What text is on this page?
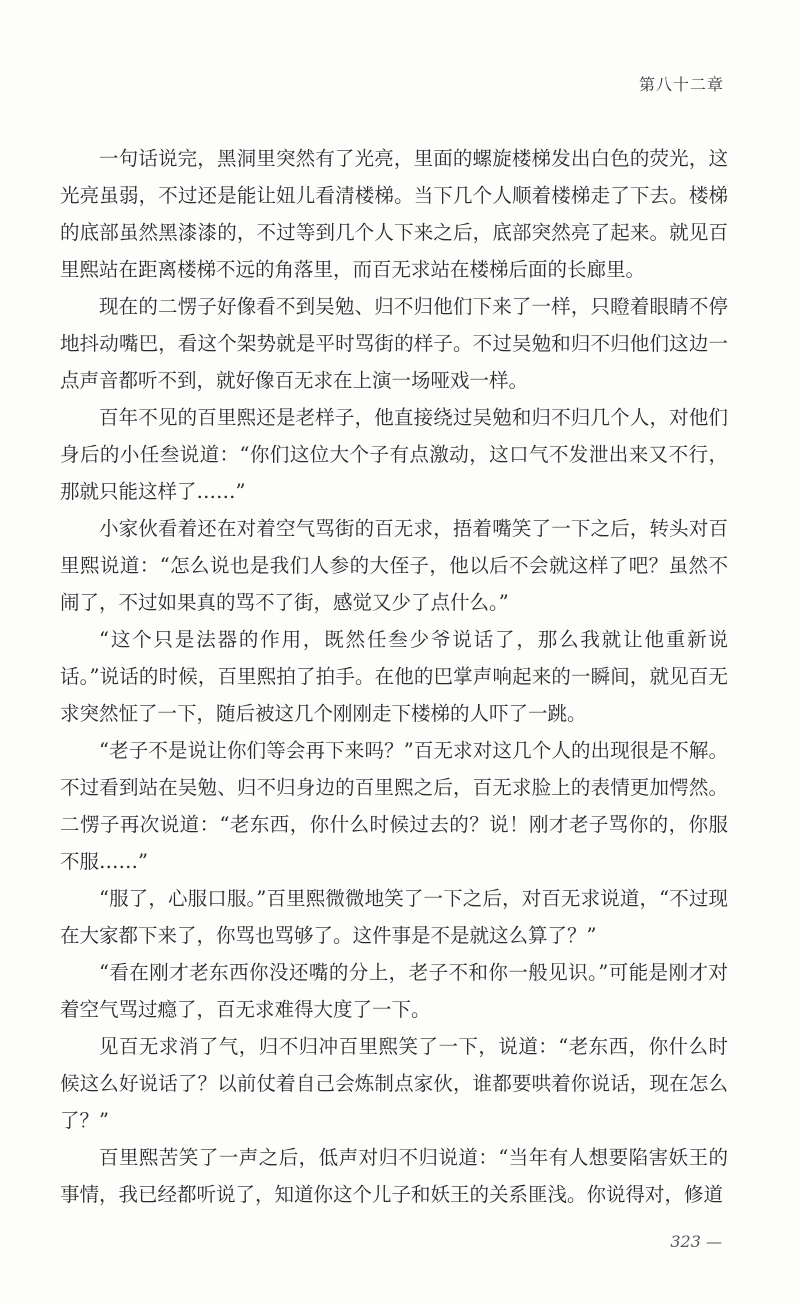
第八十二章

一句话说完，黑洞里突然有了光亮，里面的螺旋楼梯发出白色的荧光，这光亮虽弱，不过还是能让妞儿看清楼梯。当下几个人顺着楼梯走了下去。楼梯的底部虽然黑漆漆的，不过等到几个人下来之后，底部突然亮了起来。就见百里熙站在距离楼梯不远的角落里，而百无求站在楼梯后面的长廊里。

现在的二愣子好像看不到吴勉、归不归他们下来了一样，只瞪着眼睛不停地抖动嘴巴，看这个架势就是平时骂街的样子。不过吴勉和归不归他们这边一点声音都听不到，就好像百无求在上演一场哑戏一样。

百年不见的百里熙还是老样子，他直接绕过吴勉和归不归几个人，对他们身后的小任叁说道：“你们这位大个子有点激动，这口气不发泄出来又不行，那就只能这样了……”

小家伙看着还在对着空气骂街的百无求，捂着嘴笑了一下之后，转头对百里熙说道：“怎么说也是我们人参的大侄子，他以后不会就这样了吧？虽然不闹了，不过如果真的骂不了街，感觉又少了点什么。”

“这个只是法器的作用，既然任叁少爷说话了，那么我就让他重新说话。”说话的时候，百里熙拍了拍手。在他的巴掌声响起来的一瞬间，就见百无求突然怔了一下，随后被这几个刚刚走下楼梯的人吓了一跳。

“老子不是说让你们等会再下来吗？”百无求对这几个人的出现很是不解。不过看到站在吴勉、归不归身边的百里熙之后，百无求脸上的表情更加愕然。二愣子再次说道：“老东西，你什么时候过去的？说！刚才老子骂你的，你服不服……”

“服了，心服口服。”百里熙微微地笑了一下之后，对百无求说道，“不过现在大家都下来了，你骂也骂够了。这件事是不是就这么算了？”

“看在刚才老东西你没还嘴的分上，老子不和你一般见识。”可能是刚才对着空气骂过瘾了，百无求难得大度了一下。

见百无求消了气，归不归冲百里熙笑了一下，说道：“老东西，你什么时候这么好说话了？以前仗着自己会炼制点家伙，谁都要哄着你说话，现在怎么了？”

百里熙苦笑了一声之后，低声对归不归说道：“当年有人想要陷害妖王的事情，我已经都听说了，知道你这个儿子和妖王的关系匪浅。你说得对，修道

323 —
